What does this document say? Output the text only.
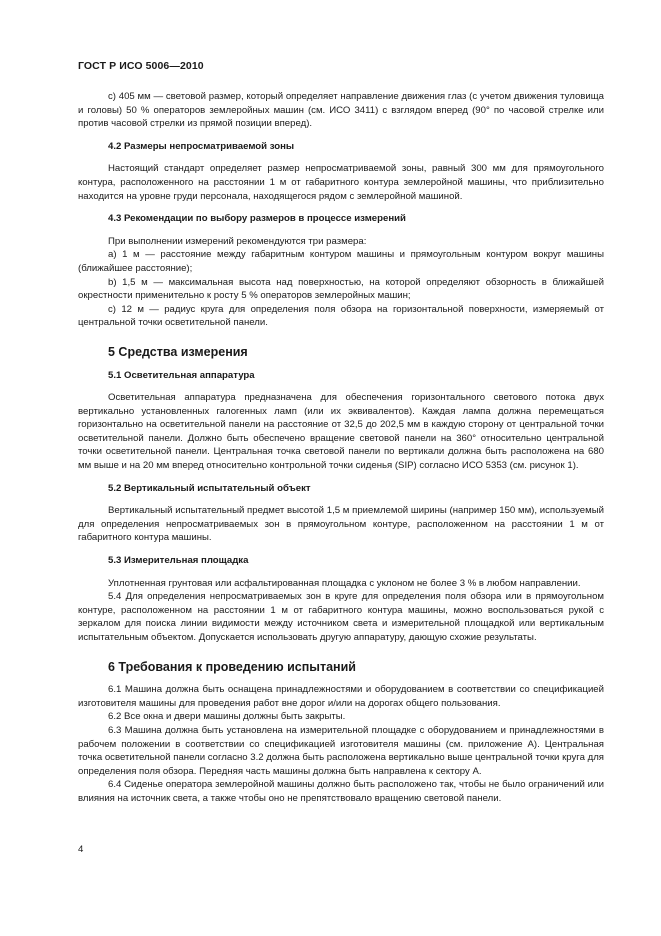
ГОСТ Р ИСО 5006—2010

c) 405 мм — световой размер, который определяет направление движения глаз (с учетом движения туловища и головы) 50 % операторов землеройных машин (см. ИСО 3411) с взглядом вперед (90° по часовой стрелке или против часовой стрелки из прямой позиции вперед).

4.2 Размеры непросматриваемой зоны

Настоящий стандарт определяет размер непросматриваемой зоны, равный 300 мм для прямоугольного контура, расположенного на расстоянии 1 м от габаритного контура землеройной машины, что приблизительно находится на уровне груди персонала, находящегося рядом с землеройной машиной.

4.3 Рекомендации по выбору размеров в процессе измерений

При выполнении измерений рекомендуются три размера:

a) 1 м — расстояние между габаритным контуром машины и прямоугольным контуром вокруг машины (ближайшее расстояние);

b) 1,5 м — максимальная высота над поверхностью, на которой определяют обзорность в ближайшей окрестности применительно к росту 5 % операторов землеройных машин;

c) 12 м — радиус круга для определения поля обзора на горизонтальной поверхности, измеряемый от центральной точки осветительной панели.

5 Средства измерения
5.1 Осветительная аппаратура

Осветительная аппаратура предназначена для обеспечения горизонтального светового потока двух вертикально установленных галогенных ламп (или их эквивалентов). Каждая лампа должна перемещаться горизонтально на осветительной панели на расстояние от 32,5 до 202,5 мм в каждую сторону от центральной точки осветительной панели. Должно быть обеспечено вращение световой панели на 360° относительно центральной точки осветительной панели. Центральная точка световой панели по вертикали должна быть расположена на 680 мм выше и на 20 мм вперед относительно контрольной точки сиденья (SIP) согласно ИСО 5353 (см. рисунок 1).

5.2 Вертикальный испытательный объект

Вертикальный испытательный предмет высотой 1,5 м приемлемой ширины (например 150 мм), используемый для определения непросматриваемых зон в прямоугольном контуре, расположенном на расстоянии 1 м от габаритного контура машины.

5.3 Измерительная площадка

Уплотненная грунтовая или асфальтированная площадка с уклоном не более 3 % в любом направлении.

5.4 Для определения непросматриваемых зон в круге для определения поля обзора или в прямоугольном контуре, расположенном на расстоянии 1 м от габаритного контура машины, можно воспользоваться рукой с зеркалом для поиска линии видимости между источником света и измерительной площадкой или вертикальным испытательным объектом. Допускается использовать другую аппаратуру, дающую схожие результаты.

6 Требования к проведению испытаний

6.1 Машина должна быть оснащена принадлежностями и оборудованием в соответствии со спецификацией изготовителя машины для проведения работ вне дорог и/или на дорогах общего пользования.

6.2 Все окна и двери машины должны быть закрыты.

6.3 Машина должна быть установлена на измерительной площадке с оборудованием и принадлежностями в рабочем положении в соответствии со спецификацией изготовителя машины (см. приложение А). Центральная точка осветительной панели согласно 3.2 должна быть расположена вертикально выше центральной точки круга для определения поля обзора. Передняя часть машины должна быть направлена к сектору А.

6.4 Сиденье оператора землеройной машины должно быть расположено так, чтобы не было ограничений или влияния на источник света, а также чтобы оно не препятствовало вращению световой панели.

4
